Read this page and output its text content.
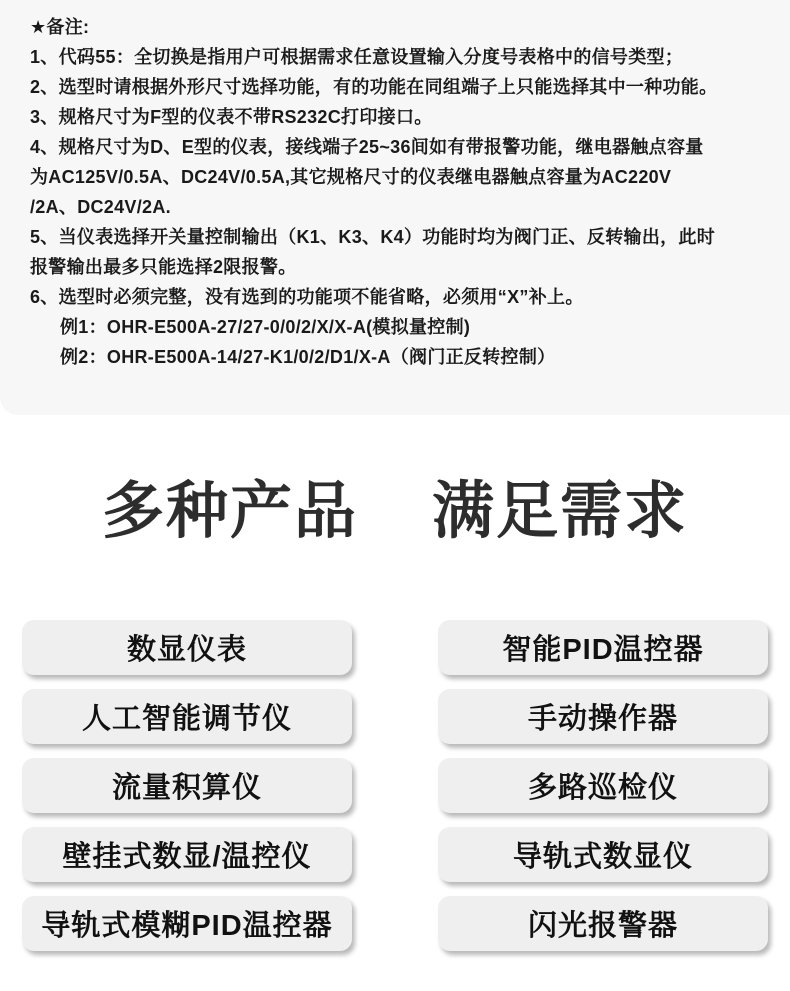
★备注:
1、代码55：全切换是指用户可根据需求任意设置输入分度号表格中的信号类型；
2、选型时请根据外形尺寸选择功能，有的功能在同组端子上只能选择其中一种功能。
3、规格尺寸为F型的仪表不带RS232C打印接口。
4、规格尺寸为D、E型的仪表，接线端子25~36间如有带报警功能，继电器触点容量
为AC125V/0.5A、DC24V/0.5A,其它规格尺寸的仪表继电器触点容量为AC220V
/2A、DC24V/2A.
5、当仪表选择开关量控制输出（K1、K3、K4）功能时均为阀门正、反转输出，此时
报警输出最多只能选择2限报警。
6、选型时必须完整，没有选到的功能项不能省略，必须用“X”补上。
例1：OHR-E500A-27/27-0/0/2/X/X-A(模拟量控制)
例2：OHR-E500A-14/27-K1/0/2/D1/X-A（阀门正反转控制）
多种产品 满足需求
数显仪表	智能PID温控器
人工智能调节仪	手动操作器
流量积算仪	多路巡检仪
壁挂式数显/温控仪	导轨式数显仪
导轨式模糊PID温控器	闪光报警器
